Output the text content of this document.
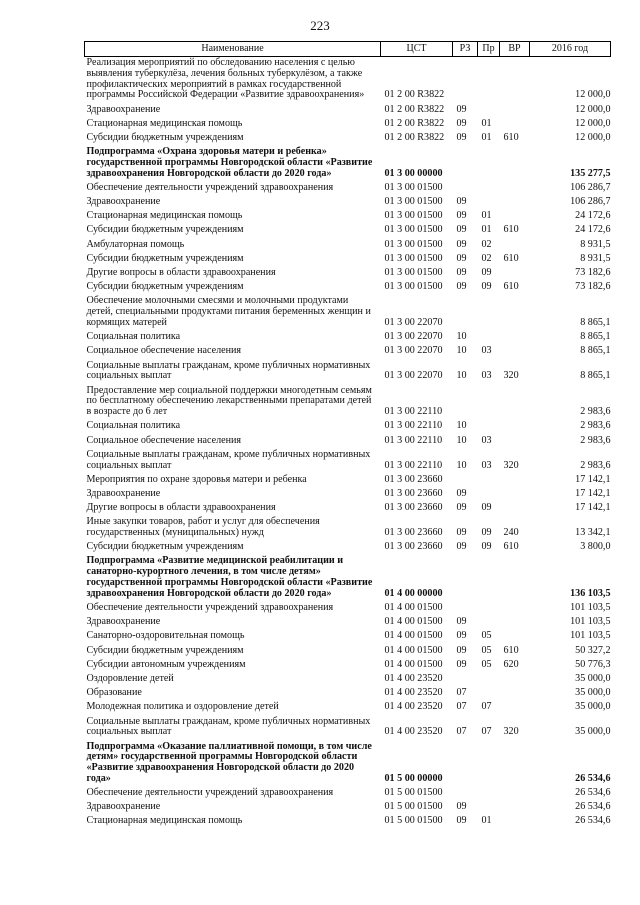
223
Наименование	ЦСТ	РЗ	Пр	ВР	2016 год
Реализация мероприятий по обследованию населения с целью выявления туберкулёза, лечения больных туберкулёзом, а также профилактических мероприятий в рамках государственной программы Российской Федерации «Развитие здравоохранения»	01 2 00 R3822				12 000,0
Здравоохранение	01 2 00 R3822	09			12 000,0
Стационарная медицинская помощь	01 2 00 R3822	09	01		12 000,0
Субсидии бюджетным учреждениям	01 2 00 R3822	09	01	610	12 000,0
Подпрограмма «Охрана здоровья матери и ребенка» государственной программы Новгородской области «Развитие здравоохранения Новгородской области до 2020 года»	01 3 00 00000				135 277,5
Обеспечение деятельности учреждений здравоохранения	01 3 00 01500				106 286,7
Здравоохранение	01 3 00 01500	09			106 286,7
Стационарная медицинская помощь	01 3 00 01500	09	01		24 172,6
Субсидии бюджетным учреждениям	01 3 00 01500	09	01	610	24 172,6
Амбулаторная помощь	01 3 00 01500	09	02		8 931,5
Субсидии бюджетным учреждениям	01 3 00 01500	09	02	610	8 931,5
Другие вопросы в области здравоохранения	01 3 00 01500	09	09		73 182,6
Субсидии бюджетным учреждениям	01 3 00 01500	09	09	610	73 182,6
Обеспечение молочными смесями и молочными продуктами детей, специальными продуктами питания беременных женщин и кормящих матерей	01 3 00 22070				8 865,1
Социальная политика	01 3 00 22070	10			8 865,1
Социальное обеспечение населения	01 3 00 22070	10	03		8 865,1
Социальные выплаты гражданам, кроме публичных нормативных социальных выплат	01 3 00 22070	10	03	320	8 865,1
Предоставление мер социальной поддержки многодетным семьям по бесплатному обеспечению лекарственными препаратами детей в возрасте до 6 лет	01 3 00 22110				2 983,6
Социальная политика	01 3 00 22110	10			2 983,6
Социальное обеспечение населения	01 3 00 22110	10	03		2 983,6
Социальные выплаты гражданам, кроме публичных нормативных социальных выплат	01 3 00 22110	10	03	320	2 983,6
Мероприятия по охране здоровья матери и ребенка	01 3 00 23660				17 142,1
Здравоохранение	01 3 00 23660	09			17 142,1
Другие вопросы в области здравоохранения	01 3 00 23660	09	09		17 142,1
Иные закупки товаров, работ и услуг для обеспечения государственных (муниципальных) нужд	01 3 00 23660	09	09	240	13 342,1
Субсидии бюджетным учреждениям	01 3 00 23660	09	09	610	3 800,0
Подпрограмма «Развитие медицинской реабилитации и санаторно-курортного лечения, в том числе детям» государственной программы Новгородской области «Развитие здравоохранения Новгородской области до 2020 года»	01 4 00 00000				136 103,5
Обеспечение деятельности учреждений здравоохранения	01 4 00 01500				101 103,5
Здравоохранение	01 4 00 01500	09			101 103,5
Санаторно-оздоровительная помощь	01 4 00 01500	09	05		101 103,5
Субсидии бюджетным учреждениям	01 4 00 01500	09	05	610	50 327,2
Субсидии автономным учреждениям	01 4 00 01500	09	05	620	50 776,3
Оздоровление детей	01 4 00 23520				35 000,0
Образование	01 4 00 23520	07			35 000,0
Молодежная политика и оздоровление детей	01 4 00 23520	07	07		35 000,0
Социальные выплаты гражданам, кроме публичных нормативных социальных выплат	01 4 00 23520	07	07	320	35 000,0
Подпрограмма «Оказание паллиативной помощи, в том числе детям» государственной программы Новгородской области «Развитие здравоохранения Новгородской области до 2020 года»	01 5 00 00000				26 534,6
Обеспечение деятельности учреждений здравоохранения	01 5 00 01500				26 534,6
Здравоохранение	01 5 00 01500	09			26 534,6
Стационарная медицинская помощь	01 5 00 01500	09	01		26 534,6
